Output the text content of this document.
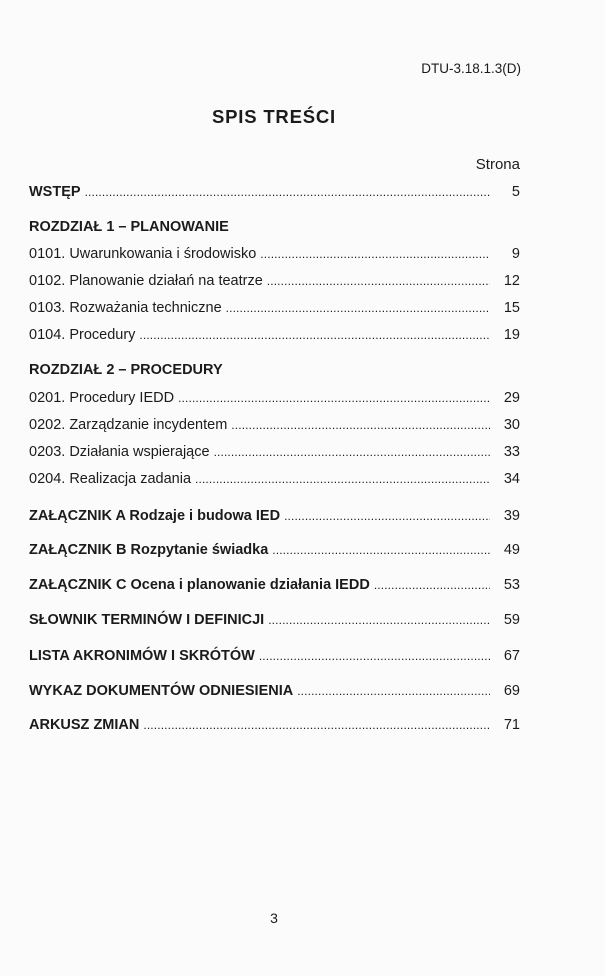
DTU-3.18.1.3(D)
SPIS TREŚCI
Strona
WSTĘP . . .	5
ROZDZIAŁ 1 – PLANOWANIE
0101. Uwarunkowania i środowisko . . .	9
0102. Planowanie działań na teatrze . . .	12
0103. Rozważania techniczne . . .	15
0104. Procedury . . .	19
ROZDZIAŁ 2 – PROCEDURY
0201. Procedury IEDD . . .	29
0202. Zarządzanie incydentem . . .	30
0203. Działania wspierające . . .	33
0204. Realizacja zadania . . .	34
ZAŁĄCZNIK A Rodzaje i budowa IED . . .	39
ZAŁĄCZNIK B Rozpytanie świadka . . .	49
ZAŁĄCZNIK C Ocena i planowanie działania IEDD . . .	53
SŁOWNIK TERMINÓW I DEFINICJI . . .	59
LISTA AKRONIMÓW I SKRÓTÓW . . .	67
WYKAZ DOKUMENTÓW ODNIESIENIA . . .	69
ARKUSZ ZMIAN . . .	71
3
